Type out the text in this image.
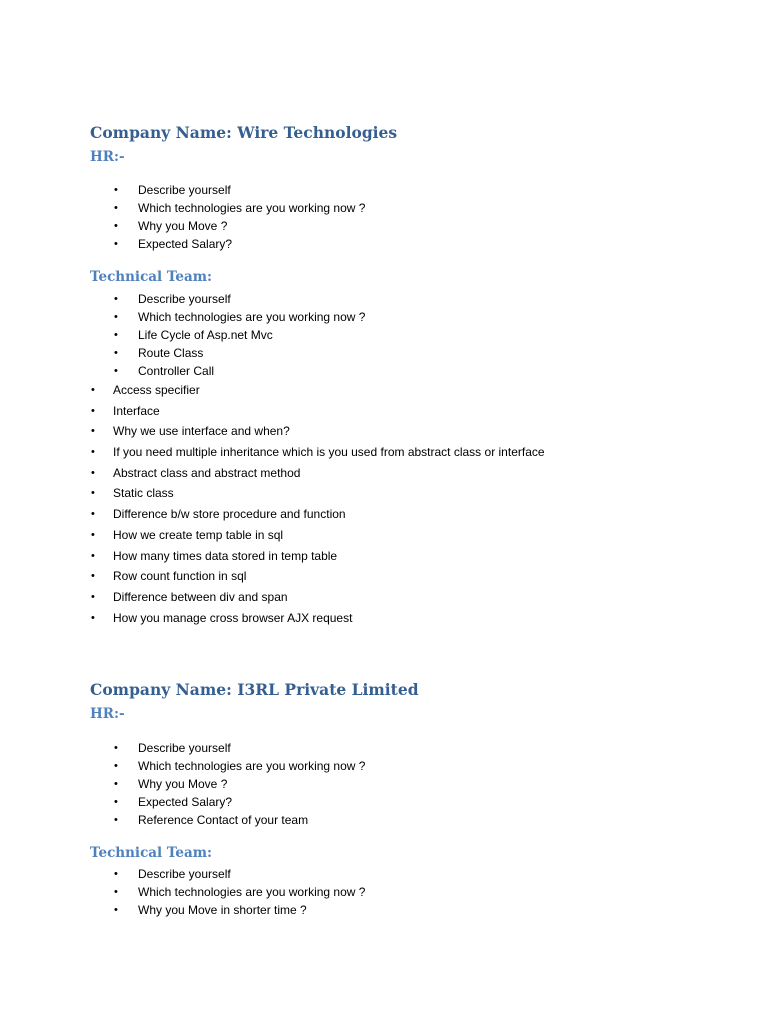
Company Name: Wire Technologies
HR:-
• Describe yourself
• Which technologies are you working now ?
• Why you Move ?
• Expected Salary?
Technical Team:
• Describe yourself
• Which technologies are you working now ?
• Life Cycle of Asp.net Mvc
• Route Class
• Controller Call
• Access specifier
• Interface
• Why we use interface and when?
• If you need multiple inheritance which is you used from abstract class or interface
• Abstract class and abstract method
• Static class
• Difference b/w store procedure and function
• How we create temp table in sql
• How many times data stored in temp table
• Row count function in sql
• Difference between div and span
• How you manage cross browser AJX request
Company Name: I3RL Private Limited
HR:-
• Describe yourself
• Which technologies are you working now ?
• Why you Move ?
• Expected Salary?
• Reference Contact of your team
Technical Team:
• Describe yourself
• Which technologies are you working now ?
• Why you Move in shorter time ?
